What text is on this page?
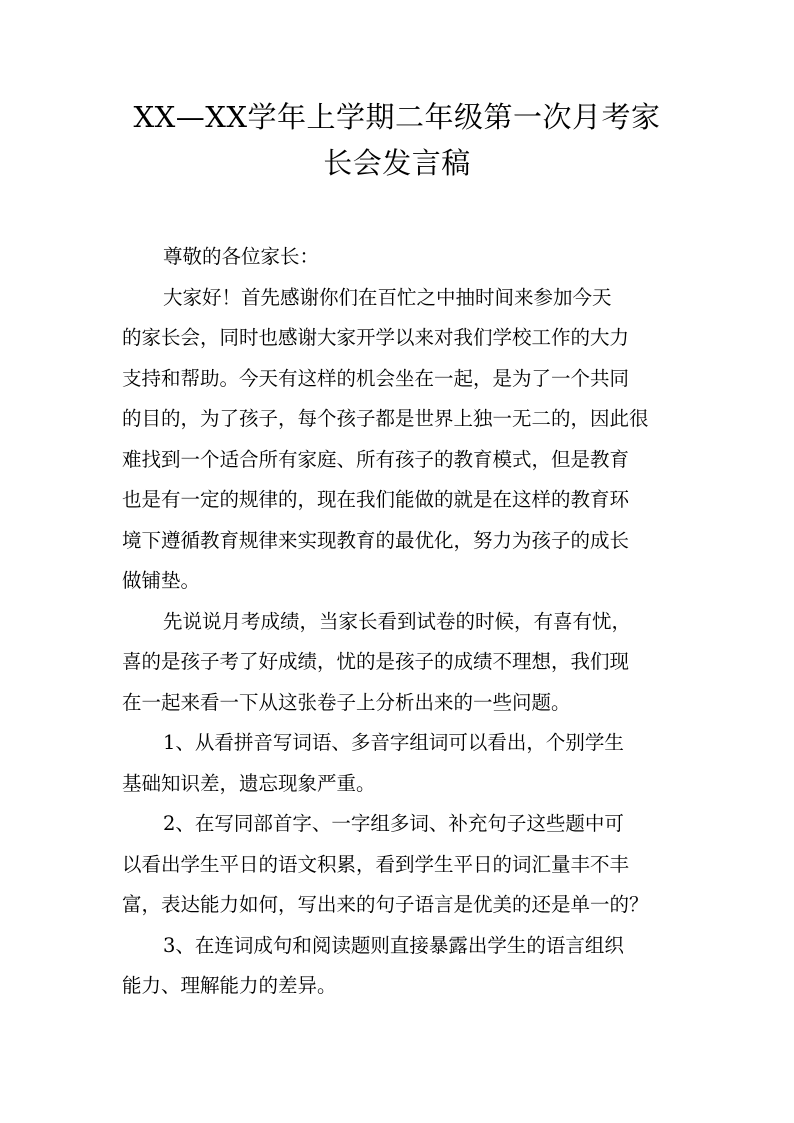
XX—XX学年上学期二年级第一次月考家
长会发言稿
尊敬的各位家长：
大家好！首先感谢你们在百忙之中抽时间来参加今天
的家长会，同时也感谢大家开学以来对我们学校工作的大力
支持和帮助。今天有这样的机会坐在一起，是为了一个共同
的目的，为了孩子，每个孩子都是世界上独一无二的，因此很
难找到一个适合所有家庭、所有孩子的教育模式，但是教育
也是有一定的规律的，现在我们能做的就是在这样的教育环
境下遵循教育规律来实现教育的最优化，努力为孩子的成长
做铺垫。
先说说月考成绩，当家长看到试卷的时候，有喜有忧，
喜的是孩子考了好成绩，忧的是孩子的成绩不理想，我们现
在一起来看一下从这张卷子上分析出来的一些问题。
1、从看拼音写词语、多音字组词可以看出，个别学生
基础知识差，遗忘现象严重。
2、在写同部首字、一字组多词、补充句子这些题中可
以看出学生平日的语文积累，看到学生平日的词汇量丰不丰
富，表达能力如何，写出来的句子语言是优美的还是单一的？
3、在连词成句和阅读题则直接暴露出学生的语言组织
能力、理解能力的差异。
